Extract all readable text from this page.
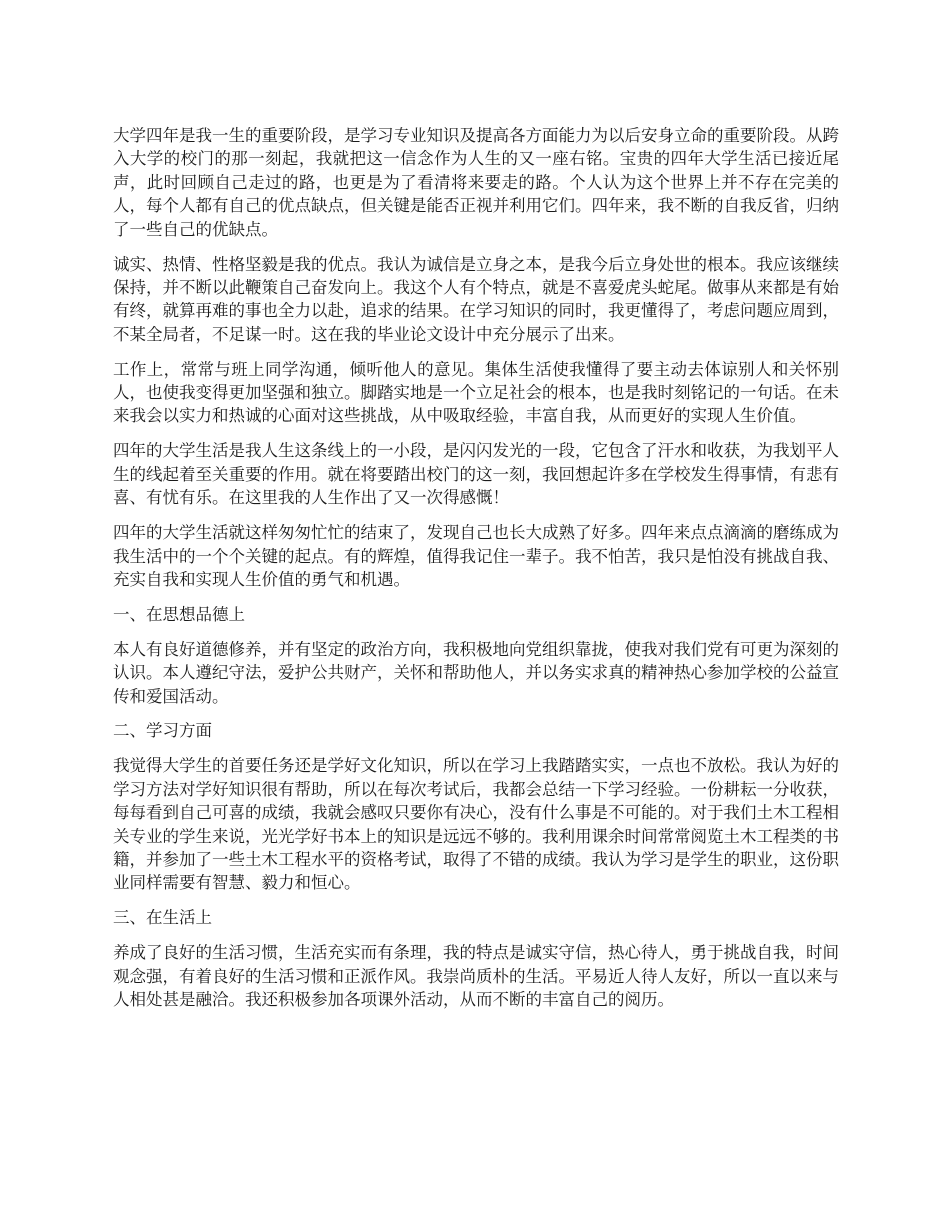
大学四年是我一生的重要阶段，是学习专业知识及提高各方面能力为以后安身立命的重要阶段。从跨入大学的校门的那一刻起，我就把这一信念作为人生的又一座右铭。宝贵的四年大学生活已接近尾声，此时回顾自己走过的路，也更是为了看清将来要走的路。个人认为这个世界上并不存在完美的人，每个人都有自己的优点缺点，但关键是能否正视并利用它们。四年来，我不断的自我反省，归纳了一些自己的优缺点。

诚实、热情、性格坚毅是我的优点。我认为诚信是立身之本，是我今后立身处世的根本。我应该继续保持，并不断以此鞭策自己奋发向上。我这个人有个特点，就是不喜爱虎头蛇尾。做事从来都是有始有终，就算再难的事也全力以赴，追求的结果。在学习知识的同时，我更懂得了，考虑问题应周到，不某全局者，不足谋一时。这在我的毕业论文设计中充分展示了出来。

工作上，常常与班上同学沟通，倾听他人的意见。集体生活使我懂得了要主动去体谅别人和关怀别人，也使我变得更加坚强和独立。脚踏实地是一个立足社会的根本，也是我时刻铭记的一句话。在未来我会以实力和热诚的心面对这些挑战，从中吸取经验，丰富自我，从而更好的实现人生价值。

四年的大学生活是我人生这条线上的一小段，是闪闪发光的一段，它包含了汗水和收获，为我划平人生的线起着至关重要的作用。就在将要踏出校门的这一刻，我回想起许多在学校发生得事情，有悲有喜、有忧有乐。在这里我的人生作出了又一次得感慨！

四年的大学生活就这样匆匆忙忙的结束了，发现自己也长大成熟了好多。四年来点点滴滴的磨练成为我生活中的一个个关键的起点。有的辉煌，值得我记住一辈子。我不怕苦，我只是怕没有挑战自我、充实自我和实现人生价值的勇气和机遇。

一、在思想品德上

本人有良好道德修养，并有坚定的政治方向，我积极地向党组织靠拢，使我对我们党有可更为深刻的认识。本人遵纪守法，爱护公共财产，关怀和帮助他人，并以务实求真的精神热心参加学校的公益宣传和爱国活动。

二、学习方面

我觉得大学生的首要任务还是学好文化知识，所以在学习上我踏踏实实，一点也不放松。我认为好的学习方法对学好知识很有帮助，所以在每次考试后，我都会总结一下学习经验。一份耕耘一分收获，每每看到自己可喜的成绩，我就会感叹只要你有决心，没有什么事是不可能的。对于我们土木工程相关专业的学生来说，光光学好书本上的知识是远远不够的。我利用课余时间常常阅览土木工程类的书籍，并参加了一些土木工程水平的资格考试，取得了不错的成绩。我认为学习是学生的职业，这份职业同样需要有智慧、毅力和恒心。

三、在生活上

养成了良好的生活习惯，生活充实而有条理，我的特点是诚实守信，热心待人，勇于挑战自我，时间观念强，有着良好的生活习惯和正派作风。我崇尚质朴的生活。平易近人待人友好，所以一直以来与人相处甚是融洽。我还积极参加各项课外活动，从而不断的丰富自己的阅历。
